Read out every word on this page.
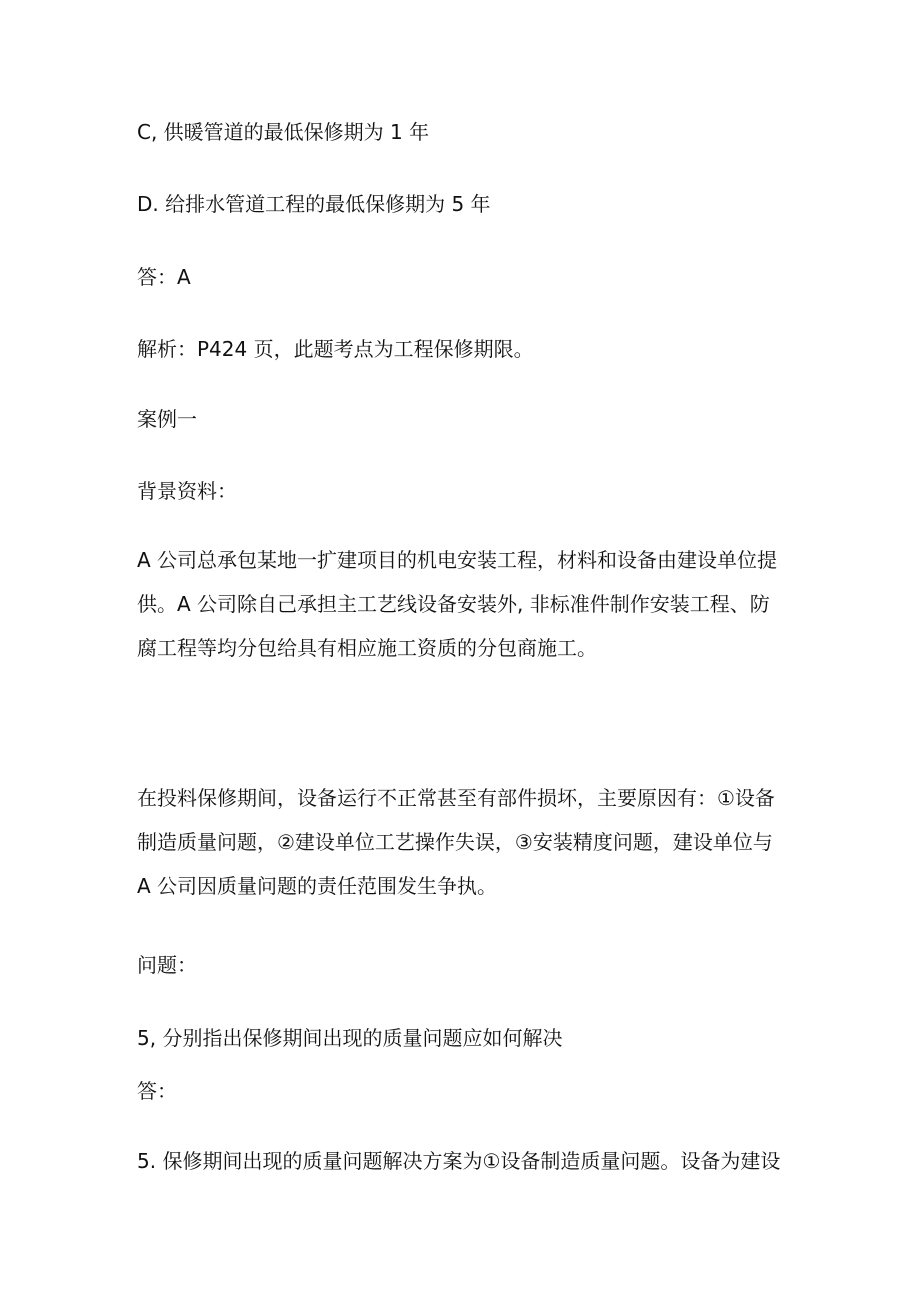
C, 供暖管道的最低保修期为 1 年

D. 给排水管道工程的最低保修期为 5 年

答：A

解析：P424 页，此题考点为工程保修期限。

案例一

背景资料：

A 公司总承包某地一扩建项目的机电安装工程，材料和设备由建设单位提
供。A 公司除自己承担主工艺线设备安装外, 非标准件制作安装工程、防
腐工程等均分包给具有相应施工资质的分包商施工。
在投料保修期间，设备运行不正常甚至有部件损坏，主要原因有：①设备
制造质量问题，②建设单位工艺操作失误，③安装精度问题，建设单位与
A 公司因质量问题的责任范围发生争执。

问题：

5, 分别指出保修期间出现的质量问题应如何解决

答：

5. 保修期间出现的质量问题解决方案为①设备制造质量问题。设备为建设
